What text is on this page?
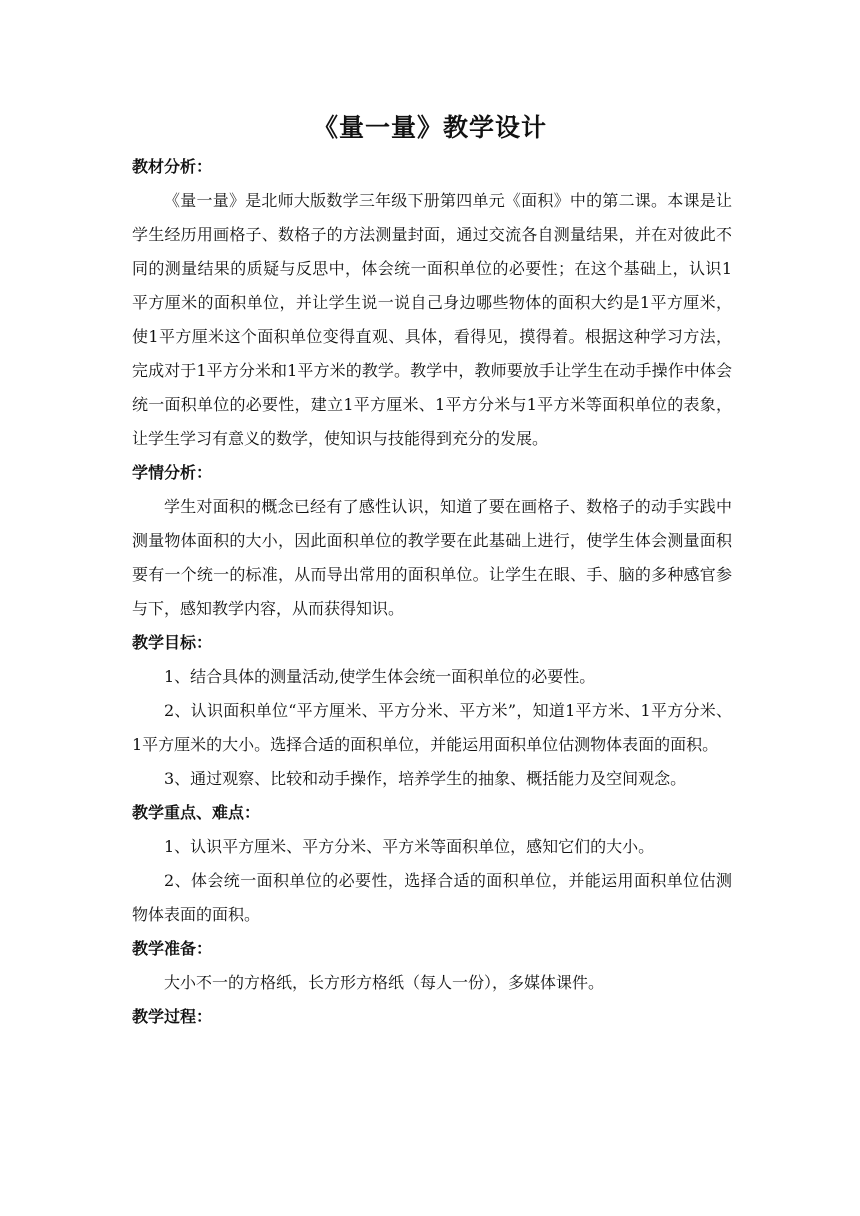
《量一量》教学设计

教材分析：

《量一量》是北师大版数学三年级下册第四单元《面积》中的第二课。本课是让学生经历用画格子、数格子的方法测量封面，通过交流各自测量结果，并在对彼此不同的测量结果的质疑与反思中，体会统一面积单位的必要性；在这个基础上，认识1平方厘米的面积单位，并让学生说一说自己身边哪些物体的面积大约是1平方厘米，使1平方厘米这个面积单位变得直观、具体，看得见，摸得着。根据这种学习方法，完成对于1平方分米和1平方米的教学。教学中，教师要放手让学生在动手操作中体会统一面积单位的必要性，建立1平方厘米、1平方分米与1平方米等面积单位的表象，让学生学习有意义的数学，使知识与技能得到充分的发展。

学情分析：

学生对面积的概念已经有了感性认识，知道了要在画格子、数格子的动手实践中测量物体面积的大小，因此面积单位的教学要在此基础上进行，使学生体会测量面积要有一个统一的标准，从而导出常用的面积单位。让学生在眼、手、脑的多种感官参与下，感知教学内容，从而获得知识。

教学目标：

1、结合具体的测量活动,使学生体会统一面积单位的必要性。

2、认识面积单位“平方厘米、平方分米、平方米”，知道1平方米、1平方分米、1平方厘米的大小。选择合适的面积单位，并能运用面积单位估测物体表面的面积。

3、通过观察、比较和动手操作，培养学生的抽象、概括能力及空间观念。

教学重点、难点：

1、认识平方厘米、平方分米、平方米等面积单位，感知它们的大小。

2、体会统一面积单位的必要性，选择合适的面积单位，并能运用面积单位估测物体表面的面积。

教学准备：

大小不一的方格纸，长方形方格纸（每人一份），多媒体课件。

教学过程：
